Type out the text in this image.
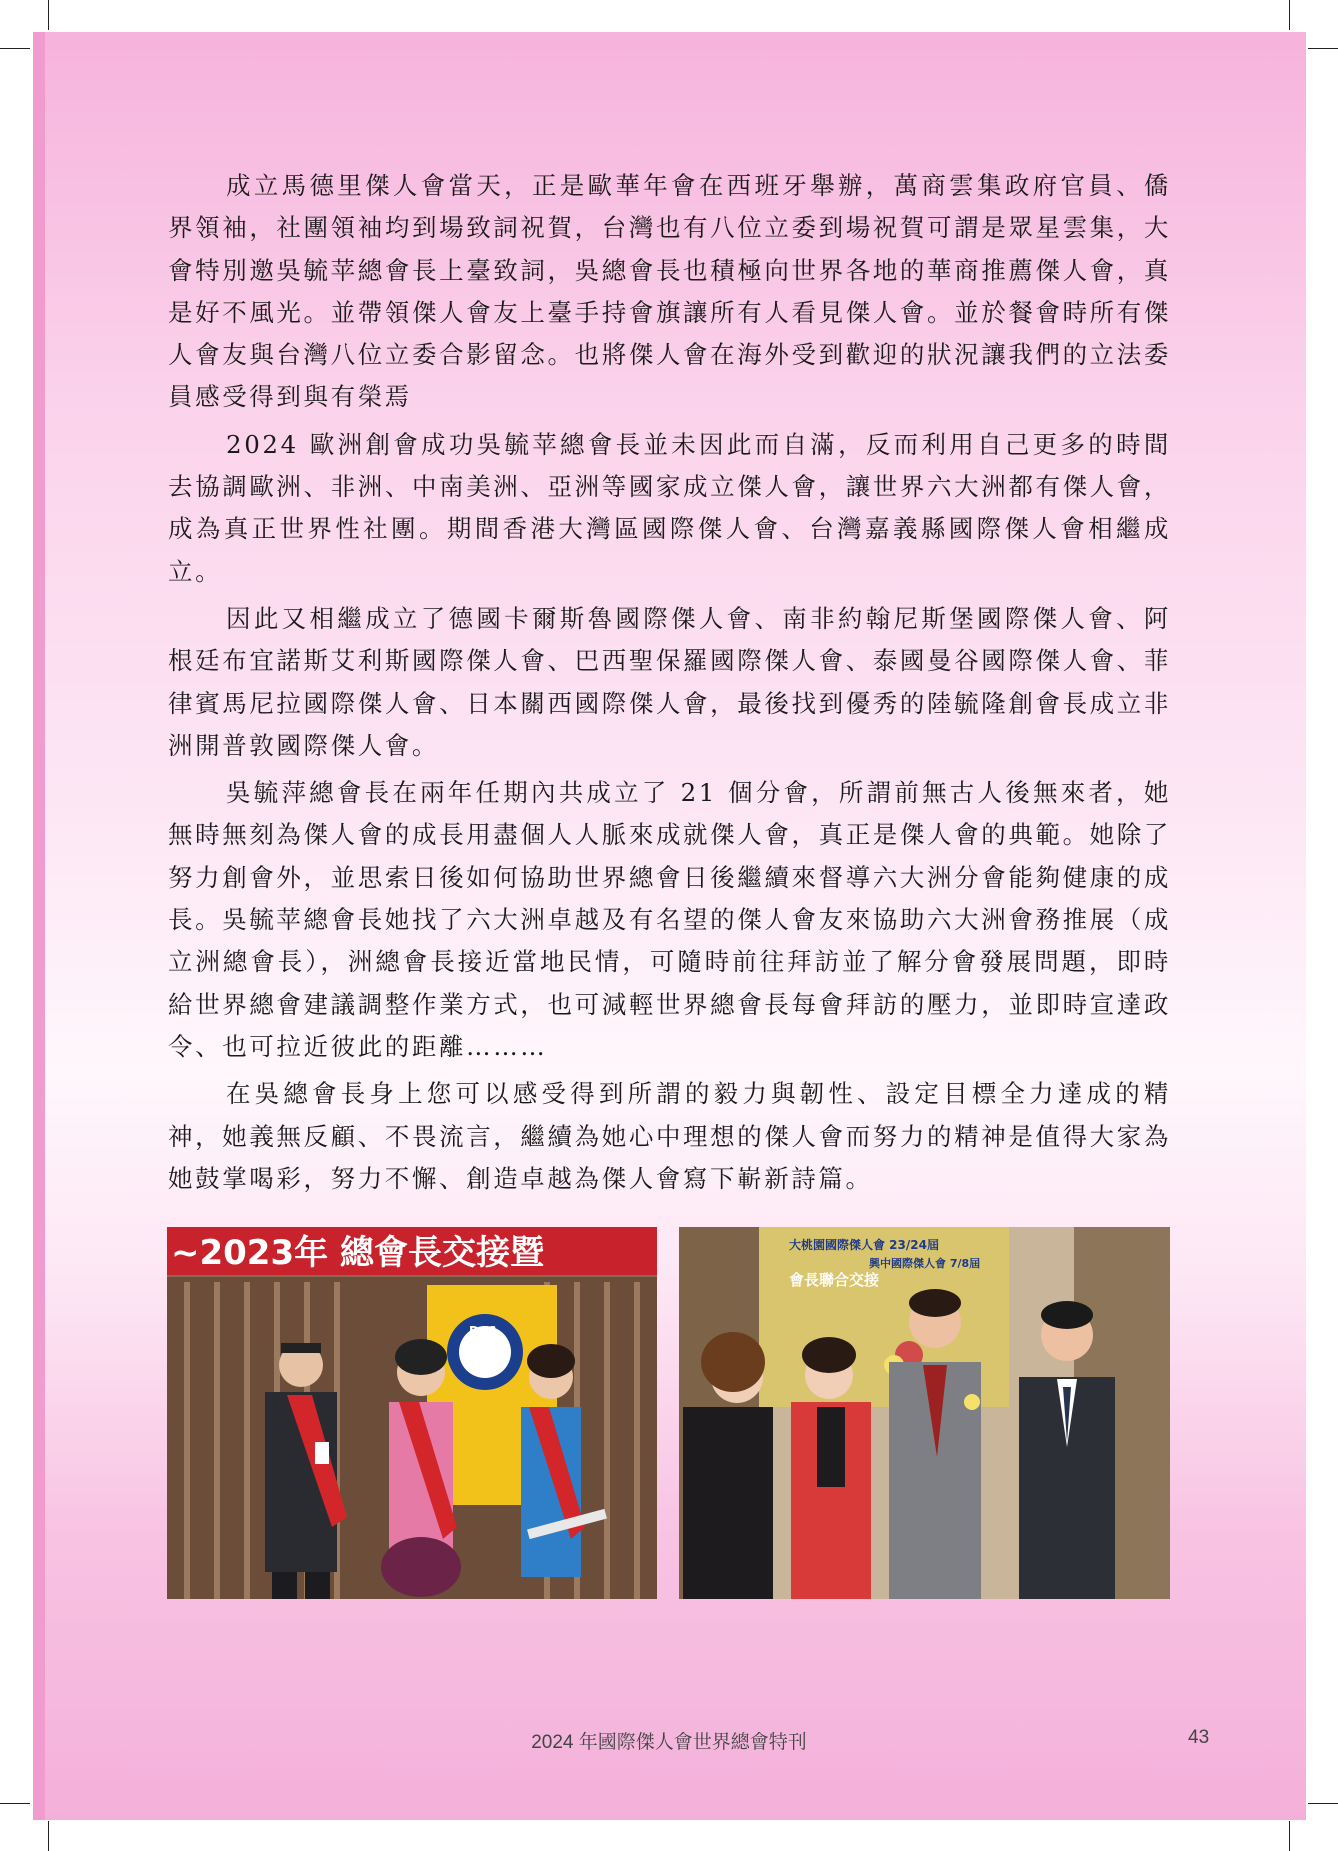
成立馬德里傑人會當天，正是歐華年會在西班牙舉辦，萬商雲集政府官員、僑界領袖，社團領袖均到場致詞祝賀，台灣也有八位立委到場祝賀可謂是眾星雲集，大會特別邀吳毓苹總會長上臺致詞，吳總會長也積極向世界各地的華商推薦傑人會，真是好不風光。並帶領傑人會友上臺手持會旗讓所有人看見傑人會。並於餐會時所有傑人會友與台灣八位立委合影留念。也將傑人會在海外受到歡迎的狀況讓我們的立法委員感受得到與有榮焉

2024 歐洲創會成功吳毓苹總會長並未因此而自滿，反而利用自己更多的時間去協調歐洲、非洲、中南美洲、亞洲等國家成立傑人會，讓世界六大洲都有傑人會，成為真正世界性社團。期間香港大灣區國際傑人會、台灣嘉義縣國際傑人會相繼成立。

因此又相繼成立了德國卡爾斯魯國際傑人會、南非約翰尼斯堡國際傑人會、阿根廷布宜諾斯艾利斯國際傑人會、巴西聖保羅國際傑人會、泰國曼谷國際傑人會、菲律賓馬尼拉國際傑人會、日本關西國際傑人會，最後找到優秀的陸毓隆創會長成立非洲開普敦國際傑人會。

吳毓萍總會長在兩年任期內共成立了 21 個分會，所謂前無古人後無來者，她無時無刻為傑人會的成長用盡個人人脈來成就傑人會，真正是傑人會的典範。她除了努力創會外，並思索日後如何協助世界總會日後繼續來督導六大洲分會能夠健康的成長。吳毓苹總會長她找了六大洲卓越及有名望的傑人會友來協助六大洲會務推展（成立洲總會長），洲總會長接近當地民情，可隨時前往拜訪並了解分會發展問題，即時給世界總會建議調整作業方式，也可減輕世界總會長每會拜訪的壓力，並即時宣達政令、也可拉近彼此的距離………

在吳總會長身上您可以感受得到所謂的毅力與韌性、設定目標全力達成的精神，她義無反顧、不畏流言，繼續為她心中理想的傑人會而努力的精神是值得大家為她鼓掌喝彩，努力不懈、創造卓越為傑人會寫下嶄新詩篇。

~2023年 總會長交接暨
DCS
大桃園國際傑人會 23/24屆
興中國際傑人會 7/8屆
會長聯合交接
2024 年國際傑人會世界總會特刊	43
